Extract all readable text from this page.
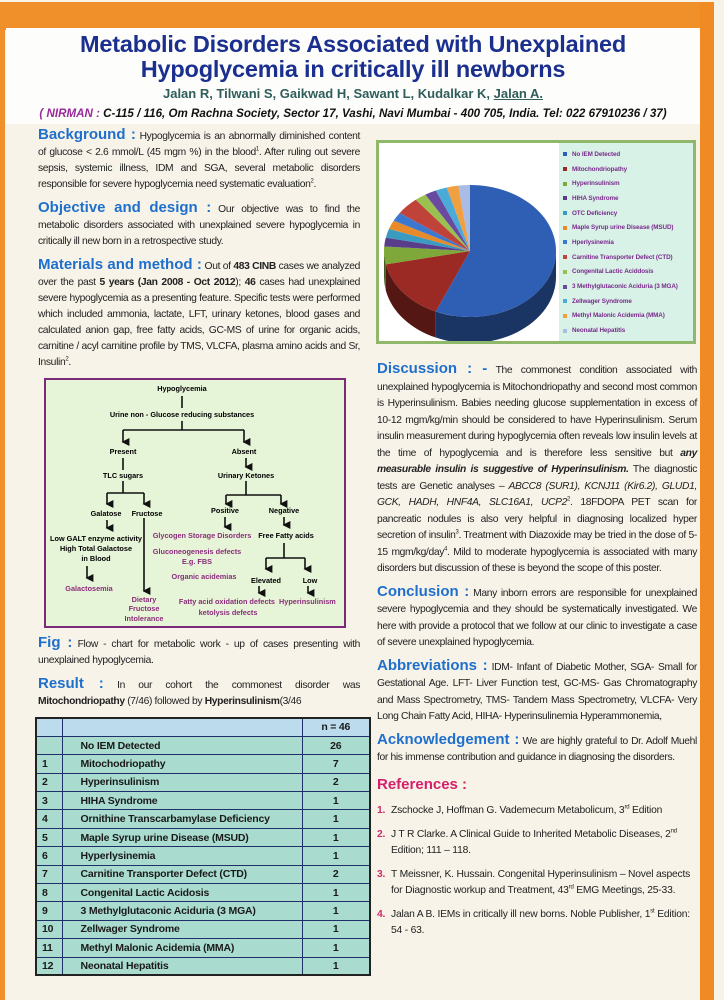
Metabolic Disorders Associated with Unexplained
Hypoglycemia in critically ill newborns
Jalan R, Tilwani S, Gaikwad H, Sawant L, Kudalkar K, Jalan A.
( NIRMAN : C-115 / 116, Om Rachna Society, Sector 17, Vashi, Navi Mumbai - 400 705, India. Tel: 022 67910236 / 37)
Background : Hypoglycemia is an abnormally diminished content of glucose < 2.6 mmol/L (45 mgm %) in the blood$^1$. After ruling out severe sepsis, systemic illness, IDM and SGA, several metabolic disorders responsible for severe hypoglycemia need systematic evaluation$^2$.
Objective and design : Our objective was to find the metabolic disorders associated with unexplained severe hypoglycemia in critically ill new born in a retrospective study.
Materials and method : Out of 483 CINB cases we analyzed over the past 5 years (Jan 2008 - Oct 2012); 46 cases had unexplained severe hypoglycemia as a presenting feature. Specific tests were performed which included ammonia, lactate, LFT, urinary ketones, blood gases and calculated anion gap, free fatty acids, GC-MS of urine for organic acids, carnitine / acyl carnitine profile by TMS, VLCFA, plasma amino acids and Sr, Insulin$^2$.
Hypoglycemia
Urine non - Glucose reducing substances
Present	Absent
TLC sugars	Urinary Ketones
Galatose Fructose	Positive	Negative
Low GALT enzyme activity
High Total Galactose
in Blood
Galactosemia
Dietary
Fructose
Intolerance
Glycogen Storage Disorders
Gluconeogenesis defects
E.g. FBS
Organic acidemias
Free Fatty acids
Elevated	Low
Fatty acid oxidation defects
ketolysis defects
Hyperinsulinism
Fig : Flow - chart for metabolic work - up of cases presenting with unexplained hypoglycemia.
Result : In our cohort the commonest disorder was Mitochondriopathy (7/46) followed by Hyperinsulinism(3/46
		n = 46
	No IEM Detected	26
1	Mitochodriopathy	7
2	Hyperinsulinism	2
3	HIHA Syndrome	1
4	Ornithine Transcarbamylase Deficiency	1
5	Maple Syrup urine Disease (MSUD)	1
6	Hyperlysinemia	1
7	Carnitine Transporter Defect (CTD)	2
8	Congenital Lactic Acidosis	1
9	3 Methylglutaconic Aciduria (3 MGA)	1
10	Zellwager Syndrome	1
11	Methyl Malonic Acidemia (MMA)	1
12	Neonatal Hepatitis	1
No IEM Detected
Mitochondriopathy
Hyperinsulinism
HIHA Syndrome
OTC Deficiency
Maple Syrup urine Disease (MSUD)
Hperlysinemia
Carnitine Transporter Defect (CTD)
Congenital Lactic Aciddosis
3 Methylglutaconic Aciduria (3 MGA)
Zellwager Syndrome
Methyl Malonic Acidemia (MMA)
Neonatal Hepatitis
Discussion : - The commonest condition associated with unexplained hypoglycemia is Mitochondriopathy and second most common is Hyperinsulinism. Babies needing glucose supplementation in excess of 10-12 mgm/kg/min should be considered to have Hyperinsulinism. Serum insulin measurement during hypoglycemia often reveals low insulin levels at the time of hypoglycemia and is therefore less sensitive but any measurable insulin is suggestive of Hyperinsulinism. The diagnostic tests are Genetic analyses – ABCC8 (SUR1), KCNJ11 (Kir6.2), GLUD1, GCK, HADH, HNF4A, SLC16A1, $UCP2^2$. 18FDOPA PET scan for pancreatic nodules is also very helpful in diagnosing localized hyper secretion of insulin$^3$. Treatment with Diazoxide may be tried in the dose of 5-15 mgm/kg/day$^4$. Mild to moderate hypoglycemia is associated with many disorders but discussion of these is beyond the scope of this poster.
Conclusion : Many inborn errors are responsible for unexplained severe hypoglycemia and they should be systematically investigated. We here with provide a protocol that we follow at our clinic to investigate a case of severe unexplained hypoglycemia.
Abbreviations : IDM- Infant of Diabetic Mother, SGA- Small for Gestational Age. LFT- Liver Function test, GC-MS- Gas Chromatography and Mass Spectrometry, TMS- Tandem Mass Spectrometry, VLCFA- Very Long Chain Fatty Acid, HIHA- Hyperinsulinemia Hyperammonemia,
Acknowledgement : We are highly grateful to Dr. Adolf Muehl for his immense contribution and guidance in diagnosing the disorders.
References :
1. Zschocke J, Hoffman G. Vademecum Metabolicum, 3rd Edition
2. J T R Clarke. A Clinical Guide to Inherited Metabolic Diseases, 2nd Edition; 111 – 118.
3. T Meissner, K. Hussain. Congenital Hyperinsulinism – Novel aspects for Diagnostic workup and Treatment, 43rd EMG Meetings, 25-33.
4. Jalan A B. IEMs in critically ill new borns. Noble Publisher, 1st Edition: 54 - 63.
